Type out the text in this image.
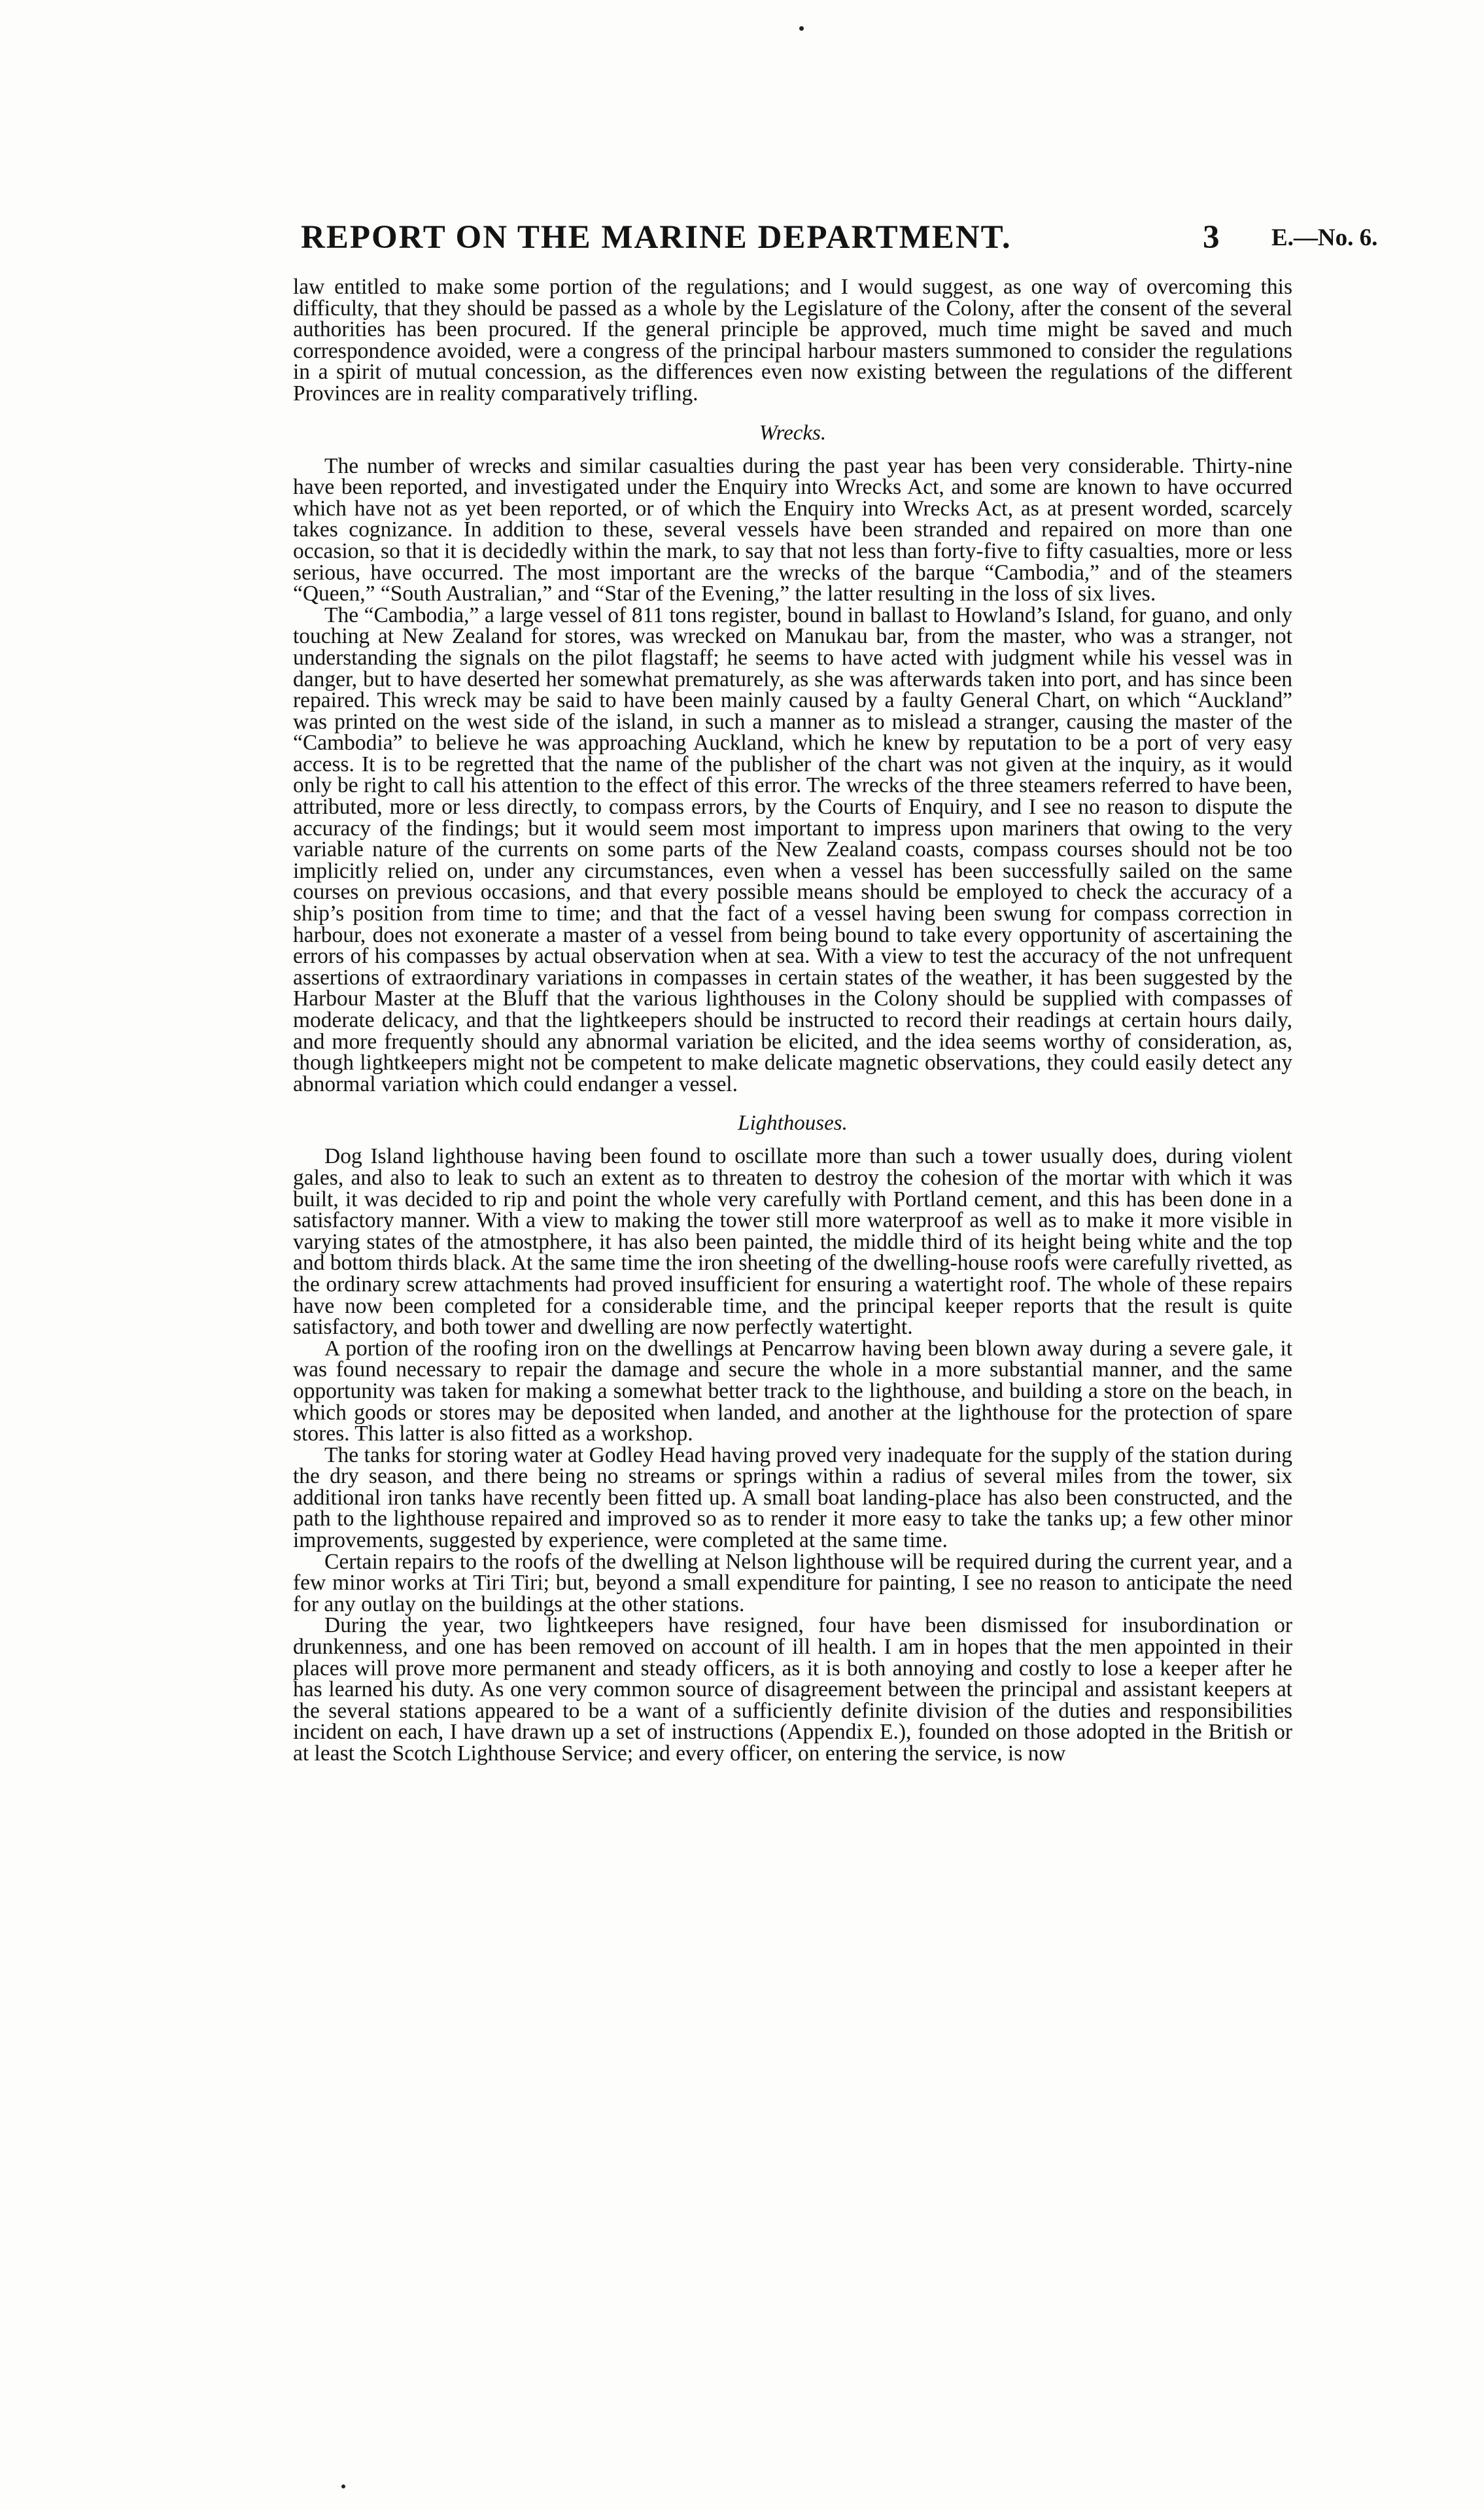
REPORT ON THE MARINE DEPARTMENT.	3 E.—No. 6.

law entitled to make some portion of the regulations; and I would suggest, as one way of overcoming this difficulty, that they should be passed as a whole by the Legislature of the Colony, after the consent of the several authorities has been procured. If the general principle be approved, much time might be saved and much correspondence avoided, were a congress of the principal harbour masters summoned to consider the regulations in a spirit of mutual concession, as the differences even now existing between the regulations of the different Provinces are in reality comparatively trifling.

Wrecks.

The number of wrecks and similar casualties during the past year has been very considerable. Thirty-nine have been reported, and investigated under the Enquiry into Wrecks Act, and some are known to have occurred which have not as yet been reported, or of which the Enquiry into Wrecks Act, as at present worded, scarcely takes cognizance. In addition to these, several vessels have been stranded and repaired on more than one occasion, so that it is decidedly within the mark, to say that not less than forty-five to fifty casualties, more or less serious, have occurred. The most important are the wrecks of the barque “Cambodia,” and of the steamers “Queen,” “South Australian,” and “Star of the Evening,” the latter resulting in the loss of six lives.

The “Cambodia,” a large vessel of 811 tons register, bound in ballast to Howland’s Island, for guano, and only touching at New Zealand for stores, was wrecked on Manukau bar, from the master, who was a stranger, not understanding the signals on the pilot flagstaff; he seems to have acted with judgment while his vessel was in danger, but to have deserted her somewhat prematurely, as she was afterwards taken into port, and has since been repaired. This wreck may be said to have been mainly caused by a faulty General Chart, on which “Auckland” was printed on the west side of the island, in such a manner as to mislead a stranger, causing the master of the “Cambodia” to believe he was approaching Auckland, which he knew by reputation to be a port of very easy access. It is to be regretted that the name of the publisher of the chart was not given at the inquiry, as it would only be right to call his attention to the effect of this error. The wrecks of the three steamers referred to have been, attributed, more or less directly, to compass errors, by the Courts of Enquiry, and I see no reason to dispute the accuracy of the findings; but it would seem most important to impress upon mariners that owing to the very variable nature of the currents on some parts of the New Zealand coasts, compass courses should not be too implicitly relied on, under any circumstances, even when a vessel has been successfully sailed on the same courses on previous occasions, and that every possible means should be employed to check the accuracy of a ship’s position from time to time; and that the fact of a vessel having been swung for compass correction in harbour, does not exonerate a master of a vessel from being bound to take every opportunity of ascertaining the errors of his compasses by actual observation when at sea. With a view to test the accuracy of the not unfrequent assertions of extraordinary variations in compasses in certain states of the weather, it has been suggested by the Harbour Master at the Bluff that the various lighthouses in the Colony should be supplied with compasses of moderate delicacy, and that the lightkeepers should be instructed to record their readings at certain hours daily, and more frequently should any abnormal variation be elicited, and the idea seems worthy of consideration, as, though lightkeepers might not be competent to make delicate magnetic observations, they could easily detect any abnormal variation which could endanger a vessel.

Lighthouses.

Dog Island lighthouse having been found to oscillate more than such a tower usually does, during violent gales, and also to leak to such an extent as to threaten to destroy the cohesion of the mortar with which it was built, it was decided to rip and point the whole very carefully with Portland cement, and this has been done in a satisfactory manner. With a view to making the tower still more waterproof as well as to make it more visible in varying states of the atmostphere, it has also been painted, the middle third of its height being white and the top and bottom thirds black. At the same time the iron sheeting of the dwelling-house roofs were carefully rivetted, as the ordinary screw attachments had proved insufficient for ensuring a watertight roof. The whole of these repairs have now been completed for a considerable time, and the principal keeper reports that the result is quite satisfactory, and both tower and dwelling are now perfectly watertight.

A portion of the roofing iron on the dwellings at Pencarrow having been blown away during a severe gale, it was found necessary to repair the damage and secure the whole in a more substantial manner, and the same opportunity was taken for making a somewhat better track to the lighthouse, and building a store on the beach, in which goods or stores may be deposited when landed, and another at the lighthouse for the protection of spare stores. This latter is also fitted as a workshop.

The tanks for storing water at Godley Head having proved very inadequate for the supply of the station during the dry season, and there being no streams or springs within a radius of several miles from the tower, six additional iron tanks have recently been fitted up. A small boat landing-place has also been constructed, and the path to the lighthouse repaired and improved so as to render it more easy to take the tanks up; a few other minor improvements, suggested by experience, were completed at the same time.

Certain repairs to the roofs of the dwelling at Nelson lighthouse will be required during the current year, and a few minor works at Tiri Tiri; but, beyond a small expenditure for painting, I see no reason to anticipate the need for any outlay on the buildings at the other stations.

During the year, two lightkeepers have resigned, four have been dismissed for insubordination or drunkenness, and one has been removed on account of ill health. I am in hopes that the men appointed in their places will prove more permanent and steady officers, as it is both annoying and costly to lose a keeper after he has learned his duty. As one very common source of disagreement between the principal and assistant keepers at the several stations appeared to be a want of a sufficiently definite division of the duties and responsibilities incident on each, I have drawn up a set of instructions (Appendix E.), founded on those adopted in the British or at least the Scotch Lighthouse Service; and every officer, on entering the service, is now
